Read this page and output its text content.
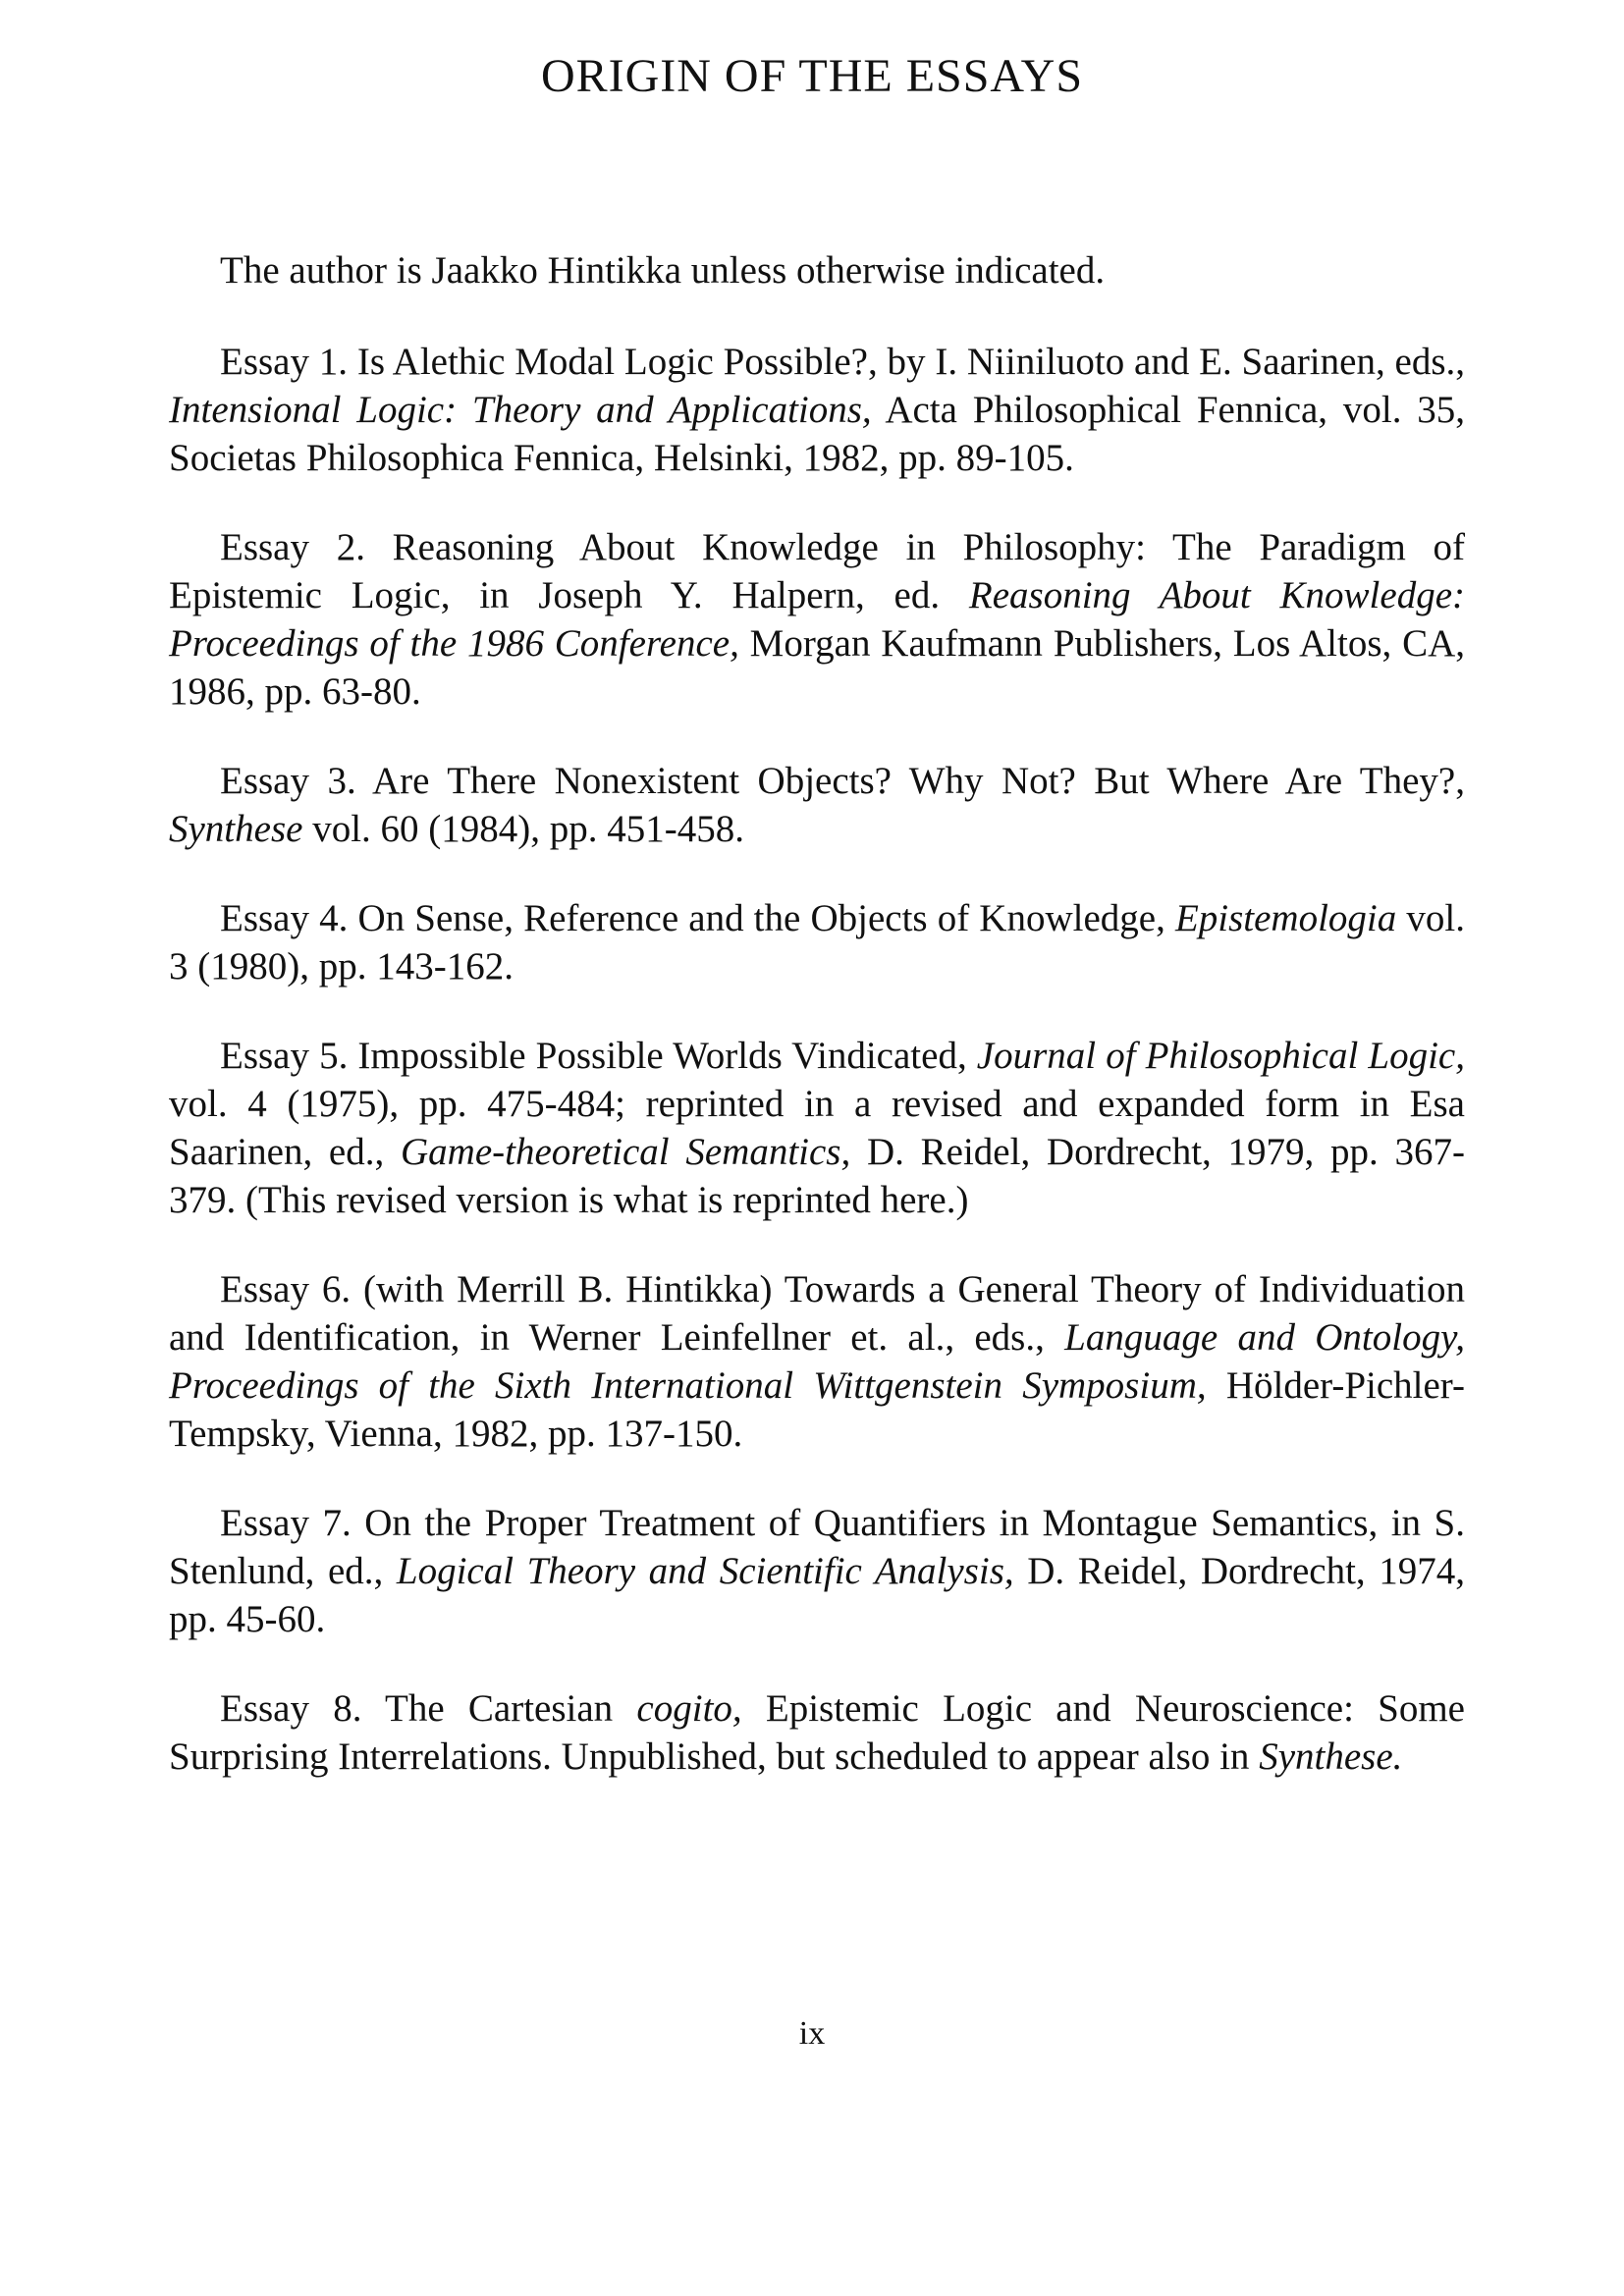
ORIGIN OF THE ESSAYS

The author is Jaakko Hintikka unless otherwise indicated.

Essay 1. Is Alethic Modal Logic Possible?, by I. Niiniluoto and E. Saarinen, eds., Intensional Logic: Theory and Applications, Acta Philosophical Fennica, vol. 35, Societas Philosophica Fennica, Helsinki, 1982, pp. 89-105.

Essay 2. Reasoning About Knowledge in Philosophy: The Paradigm of Epistemic Logic, in Joseph Y. Halpern, ed. Reasoning About Knowledge: Proceedings of the 1986 Conference, Morgan Kaufmann Publishers, Los Altos, CA, 1986, pp. 63-80.

Essay 3. Are There Nonexistent Objects? Why Not? But Where Are They?, Synthese vol. 60 (1984), pp. 451-458.

Essay 4. On Sense, Reference and the Objects of Knowledge, Epistemologia vol. 3 (1980), pp. 143-162.

Essay 5. Impossible Possible Worlds Vindicated, Journal of Philosophical Logic, vol. 4 (1975), pp. 475-484; reprinted in a revised and expanded form in Esa Saarinen, ed., Game-theoretical Semantics, D. Reidel, Dordrecht, 1979, pp. 367-379. (This revised version is what is reprinted here.)

Essay 6. (with Merrill B. Hintikka) Towards a General Theory of Individuation and Identification, in Werner Leinfellner et. al., eds., Language and Ontology, Proceedings of the Sixth International Wittgenstein Symposium, Hölder-Pichler-Tempsky, Vienna, 1982, pp. 137-150.

Essay 7. On the Proper Treatment of Quantifiers in Montague Semantics, in S. Stenlund, ed., Logical Theory and Scientific Analysis, D. Reidel, Dordrecht, 1974, pp. 45-60.

Essay 8. The Cartesian cogito, Epistemic Logic and Neuroscience: Some Surprising Interrelations. Unpublished, but scheduled to appear also in Synthese.

ix
